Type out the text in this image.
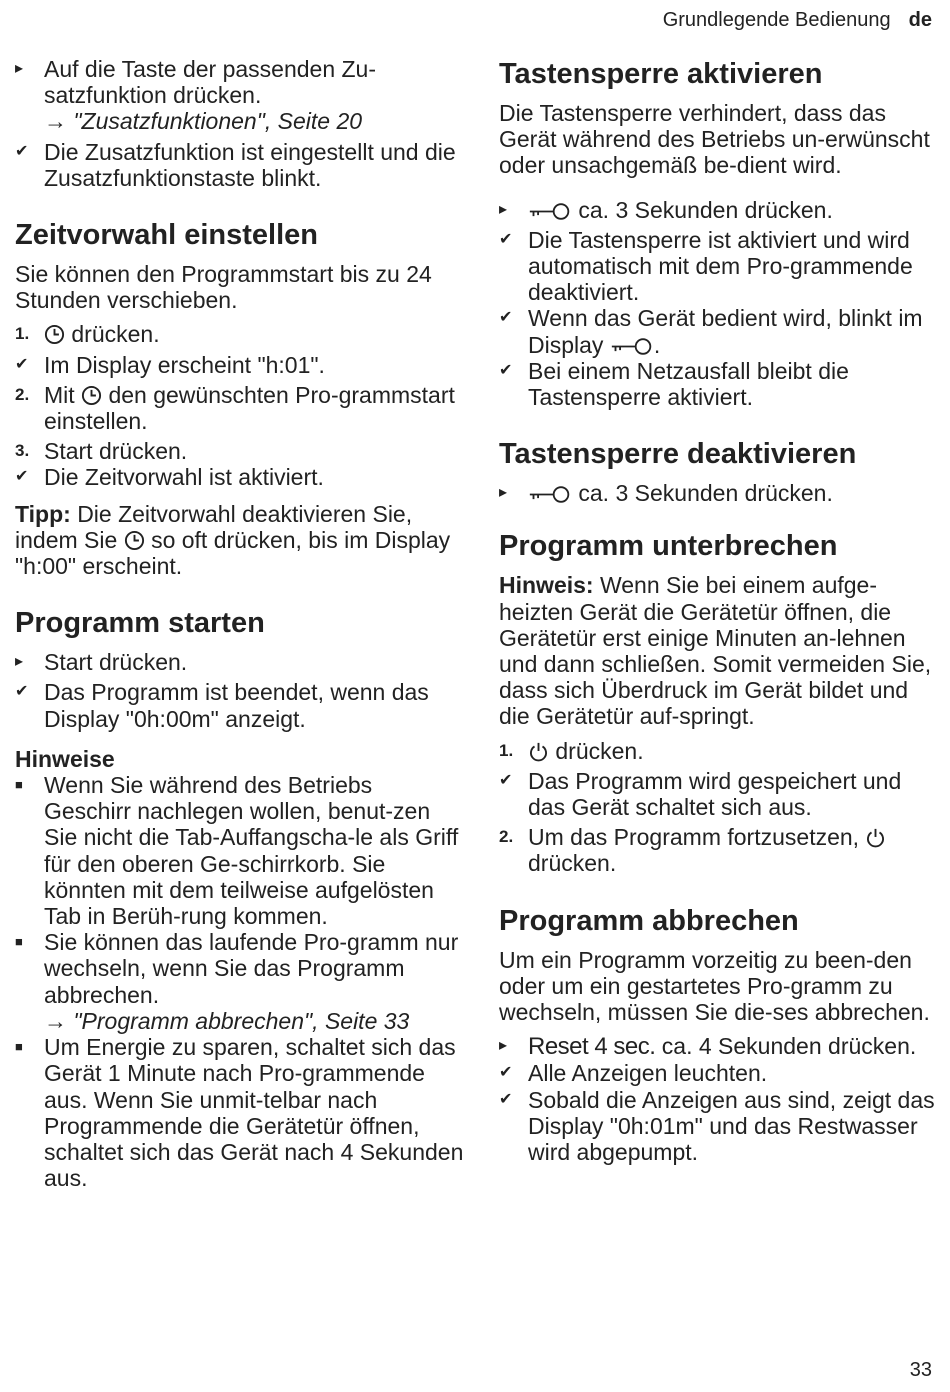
Grundlegende Bedienung de
▸ Auf die Taste der passenden Zu-satzfunktion drücken.
→ "Zusatzfunktionen", Seite 20
✔ Die Zusatzfunktion ist eingestellt und die Zusatzfunktionstaste blinkt.
Zeitvorwahl einstellen

Sie können den Programmstart bis zu 24 Stunden verschieben.

1.	drücken.
✔ Im Display erscheint "h:01".
2. Mit den gewünschten Pro-grammstart einstellen.
3. Start drücken.
✔ Die Zeitvorwahl ist aktiviert.

Tipp: Die Zeitvorwahl deaktivieren Sie, indem Sie so oft drücken, bis im Display "h:00" erscheint.

Programm starten
▸ Start drücken.
✔ Das Programm ist beendet, wenn das Display "0h:00m" anzeigt.

Hinweise

■ Wenn Sie während des Betriebs Geschirr nachlegen wollen, benut-zen Sie nicht die Tab-Auffangscha-le als Griff für den oberen Ge-schirrkorb. Sie könnten mit dem teilweise aufgelösten Tab in Berüh-rung kommen.
■ Sie können das laufende Pro-gramm nur wechseln, wenn Sie das Programm abbrechen.
→ "Programm abbrechen", Seite 33
■ Um Energie zu sparen, schaltet sich das Gerät 1 Minute nach Pro-grammende aus. Wenn Sie unmit-telbar nach Programmende die Gerätetür öffnen, schaltet sich das Gerät nach 4 Sekunden aus.
Tastensperre aktivieren

Die Tastensperre verhindert, dass das Gerät während des Betriebs un-erwünscht oder unsachgemäß be-dient wird.

▸	ca. 3 Sekunden drücken.
✔ Die Tastensperre ist aktiviert und wird automatisch mit dem Pro-grammende deaktiviert.
✔ Wenn das Gerät bedient wird, blinkt im Display .
✔ Bei einem Netzausfall bleibt die Tastensperre aktiviert.
Tastensperre deaktivieren
▸	ca. 3 Sekunden drücken.
Programm unterbrechen

Hinweis: Wenn Sie bei einem aufge-heizten Gerät die Gerätetür öffnen, die Gerätetür erst einige Minuten an-lehnen und dann schließen. Somit vermeiden Sie, dass sich Überdruck im Gerät bildet und die Gerätetür auf-springt.

1.	drücken.
✔ Das Programm wird gespeichert und das Gerät schaltet sich aus.
2. Um das Programm fortzusetzen,  drücken.
Programm abbrechen

Um ein Programm vorzeitig zu been-den oder um ein gestartetes Pro-gramm zu wechseln, müssen Sie die-ses abbrechen.

▸ Reset 4 sec. ca. 4 Sekunden drücken.
✔ Alle Anzeigen leuchten.
✔ Sobald die Anzeigen aus sind, zeigt das Display "0h:01m" und das Restwasser wird abgepumpt.
33
